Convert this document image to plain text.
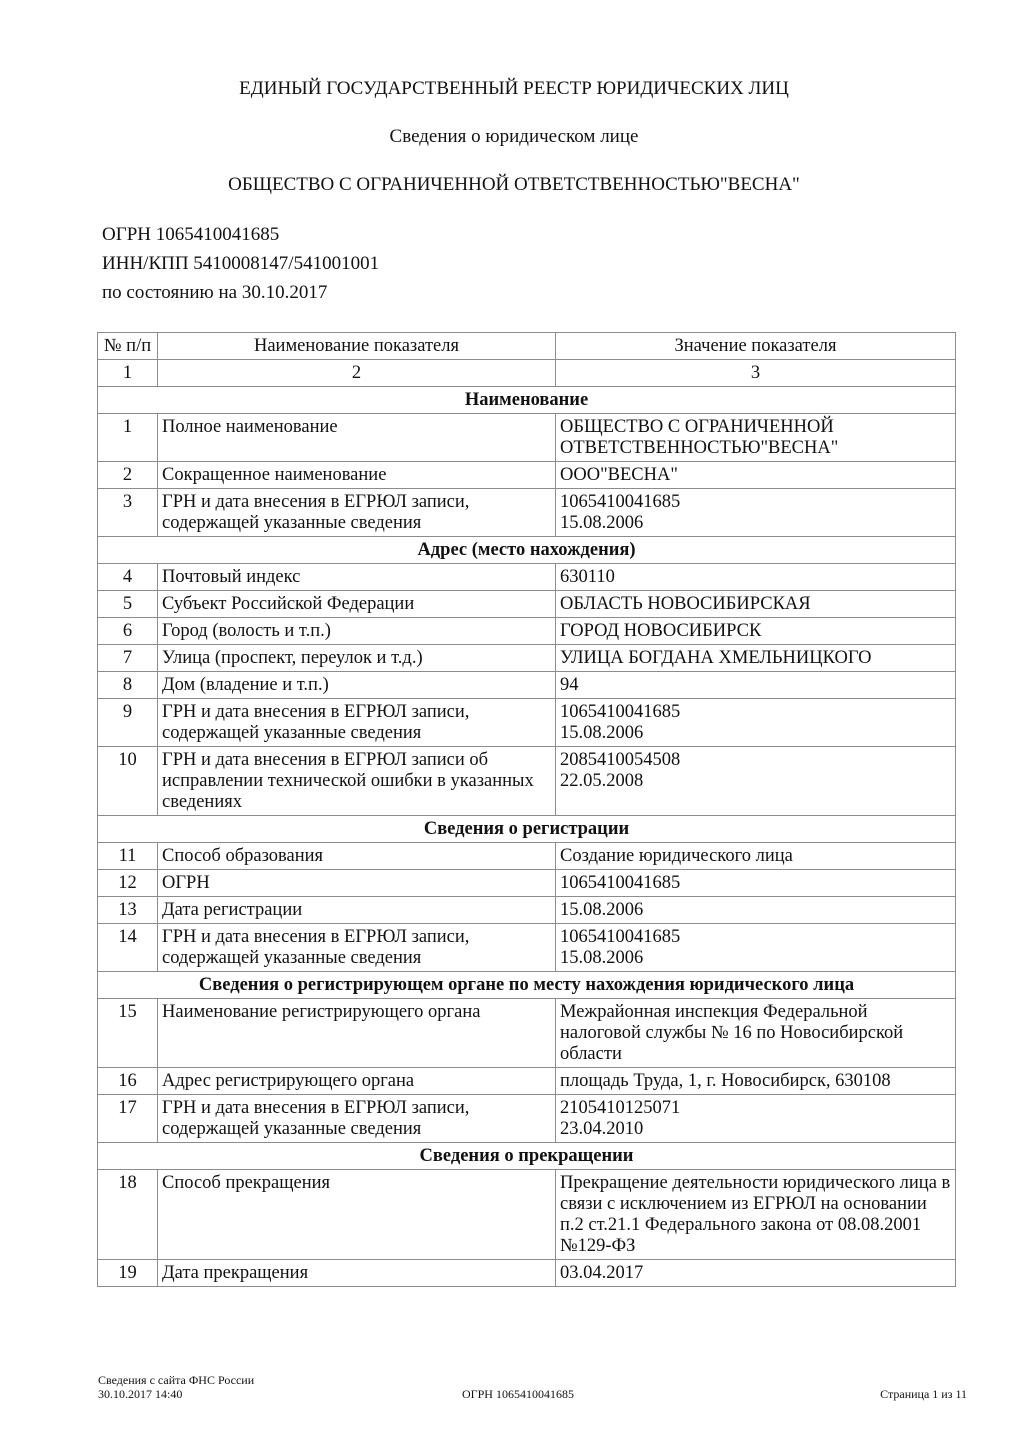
ЕДИНЫЙ ГОСУДАРСТВЕННЫЙ РЕЕСТР ЮРИДИЧЕСКИХ ЛИЦ
Сведения о юридическом лице
ОБЩЕСТВО С ОГРАНИЧЕННОЙ ОТВЕТСТВЕННОСТЬЮ"ВЕСНА"
ОГРН 1065410041685
ИНН/КПП 5410008147/541001001
по состоянию на 30.10.2017
№ п/п	Наименование показателя	Значение показателя
1	2	3
Наименование		
1	Полное наименование	ОБЩЕСТВО С ОГРАНИЧЕННОЙ ОТВЕТСТВЕННОСТЬЮ"ВЕСНА"
2	Сокращенное наименование	ООО"ВЕСНА"
3	ГРН и дата внесения в ЕГРЮЛ записи, содержащей указанные сведения	1065410041685
15.08.2006
Адрес (место нахождения)		
4	Почтовый индекс	630110
5	Субъект Российской Федерации	ОБЛАСТЬ НОВОСИБИРСКАЯ
6	Город (волость и т.п.)	ГОРОД НОВОСИБИРСК
7	Улица (проспект, переулок и т.д.)	УЛИЦА БОГДАНА ХМЕЛЬНИЦКОГО
8	Дом (владение и т.п.)	94
9	ГРН и дата внесения в ЕГРЮЛ записи, содержащей указанные сведения	1065410041685
15.08.2006
10	ГРН и дата внесения в ЕГРЮЛ записи об исправлении технической ошибки в указанных сведениях	2085410054508
22.05.2008
Сведения о регистрации		
11	Способ образования	Создание юридического лица
12	ОГРН	1065410041685
13	Дата регистрации	15.08.2006
14	ГРН и дата внесения в ЕГРЮЛ записи, содержащей указанные сведения	1065410041685
15.08.2006
Сведения о регистрирующем органе по месту нахождения юридического лица		
15	Наименование регистрирующего органа	Межрайонная инспекция Федеральной налоговой службы № 16 по Новосибирской области
16	Адрес регистрирующего органа	площадь Труда, 1, г. Новосибирск, 630108
17	ГРН и дата внесения в ЕГРЮЛ записи, содержащей указанные сведения	2105410125071
23.04.2010
Сведения о прекращении		
18	Способ прекращения	Прекращение деятельности юридического лица в связи с исключением из ЕГРЮЛ на основании п.2 ст.21.1 Федерального закона от 08.08.2001 №129-ФЗ
19	Дата прекращения	03.04.2017
Сведения с сайта ФНС России
30.10.2017 14:40	ОГРН 1065410041685	Страница 1 из 11
